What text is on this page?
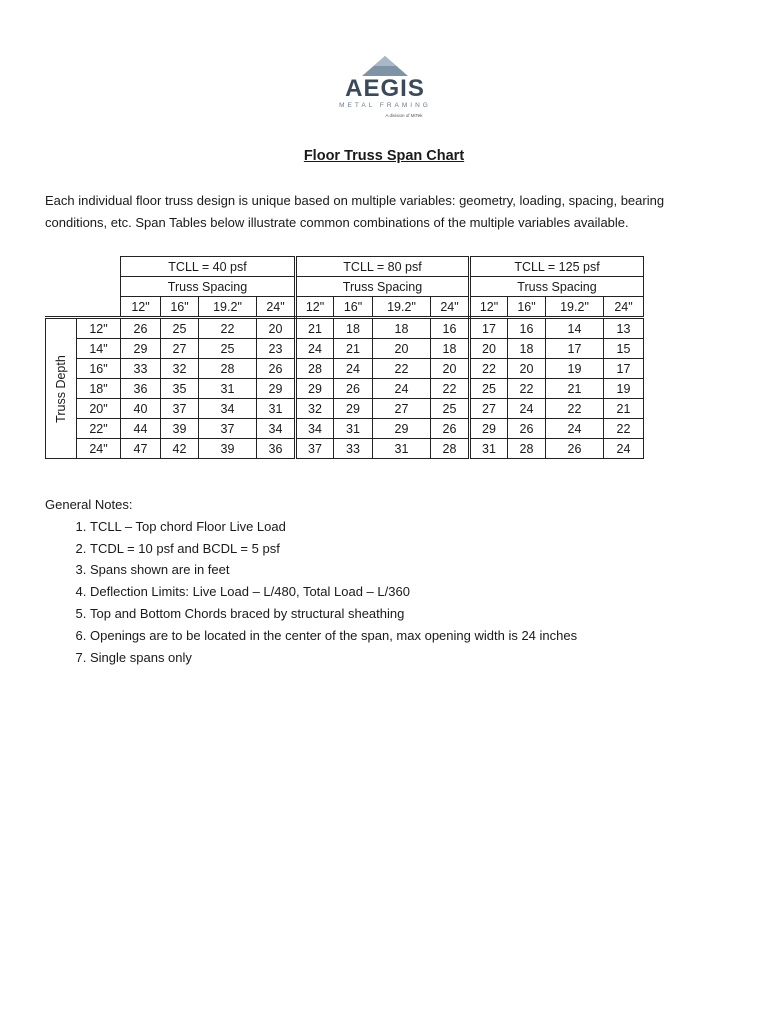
AEGIS
METAL FRAMING
A division of MiTek
Floor Truss Span Chart
Each individual floor truss design is unique based on multiple variables: geometry, loading, spacing, bearing conditions, etc. Span Tables below illustrate common combinations of the multiple variables available.
		TCLL = 40 psf				TCLL = 80 psf				TCLL = 125 psf			
		Truss Spacing				Truss Spacing				Truss Spacing			
		12"	16"	19.2"	24"	12"	16"	19.2"	24"	12"	16"	19.2"	24"

Truss Depth	12"	26	25	22	20	21	18	18	16	17	16	14	13
	14"	29	27	25	23	24	21	20	18	20	18	17	15
	16"	33	32	28	26	28	24	22	20	22	20	19	17
	18"	36	35	31	29	29	26	24	22	25	22	21	19
	20"	40	37	34	31	32	29	27	25	27	24	22	21
	22"	44	39	37	34	34	31	29	26	29	26	24	22
	24"	47	42	39	36	37	33	31	28	31	28	26	24
General Notes:
1. TCLL – Top chord Floor Live Load
2. TCDL = 10 psf and BCDL = 5 psf
3. Spans shown are in feet
4. Deflection Limits: Live Load – L/480, Total Load – L/360
5. Top and Bottom Chords braced by structural sheathing
6. Openings are to be located in the center of the span, max opening width is 24 inches
7. Single spans only
